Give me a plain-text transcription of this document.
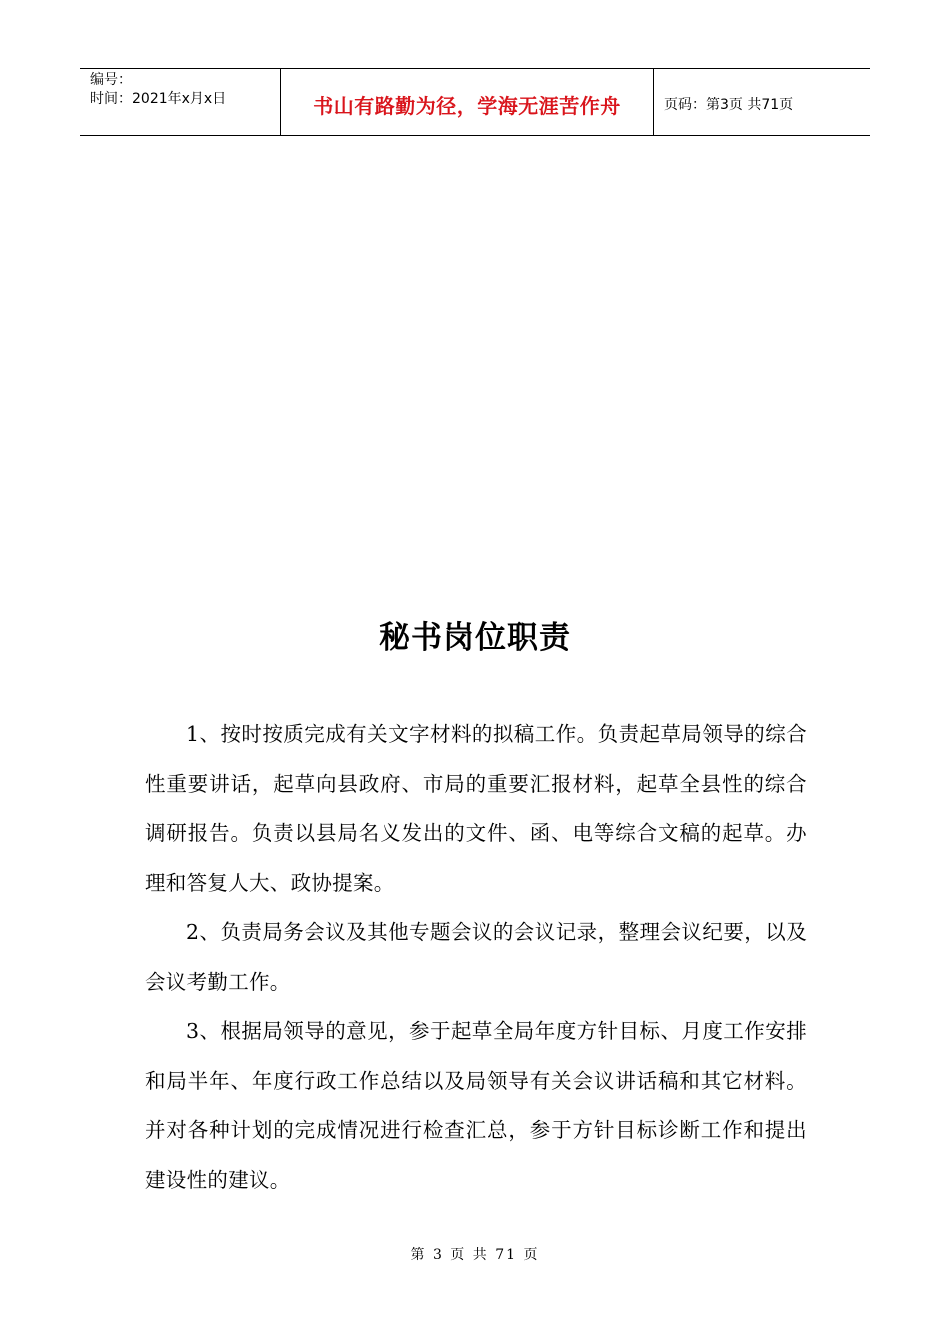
编号：
时间：2021年x月x日	书山有路勤为径，学海无涯苦作舟	页码：第3页 共71页
秘书岗位职责

1、按时按质完成有关文字材料的拟稿工作。负责起草局领导的综合性重要讲话，起草向县政府、市局的重要汇报材料，起草全县性的综合调研报告。负责以县局名义发出的文件、函、电等综合文稿的起草。办理和答复人大、政协提案。

2、负责局务会议及其他专题会议的会议记录，整理会议纪要，以及会议考勤工作。

3、根据局领导的意见，参于起草全局年度方针目标、月度工作安排和局半年、年度行政工作总结以及局领导有关会议讲话稿和其它材料。并对各种计划的完成情况进行检查汇总，参于方针目标诊断工作和提出建设性的建议。

第 3 页 共 71 页
